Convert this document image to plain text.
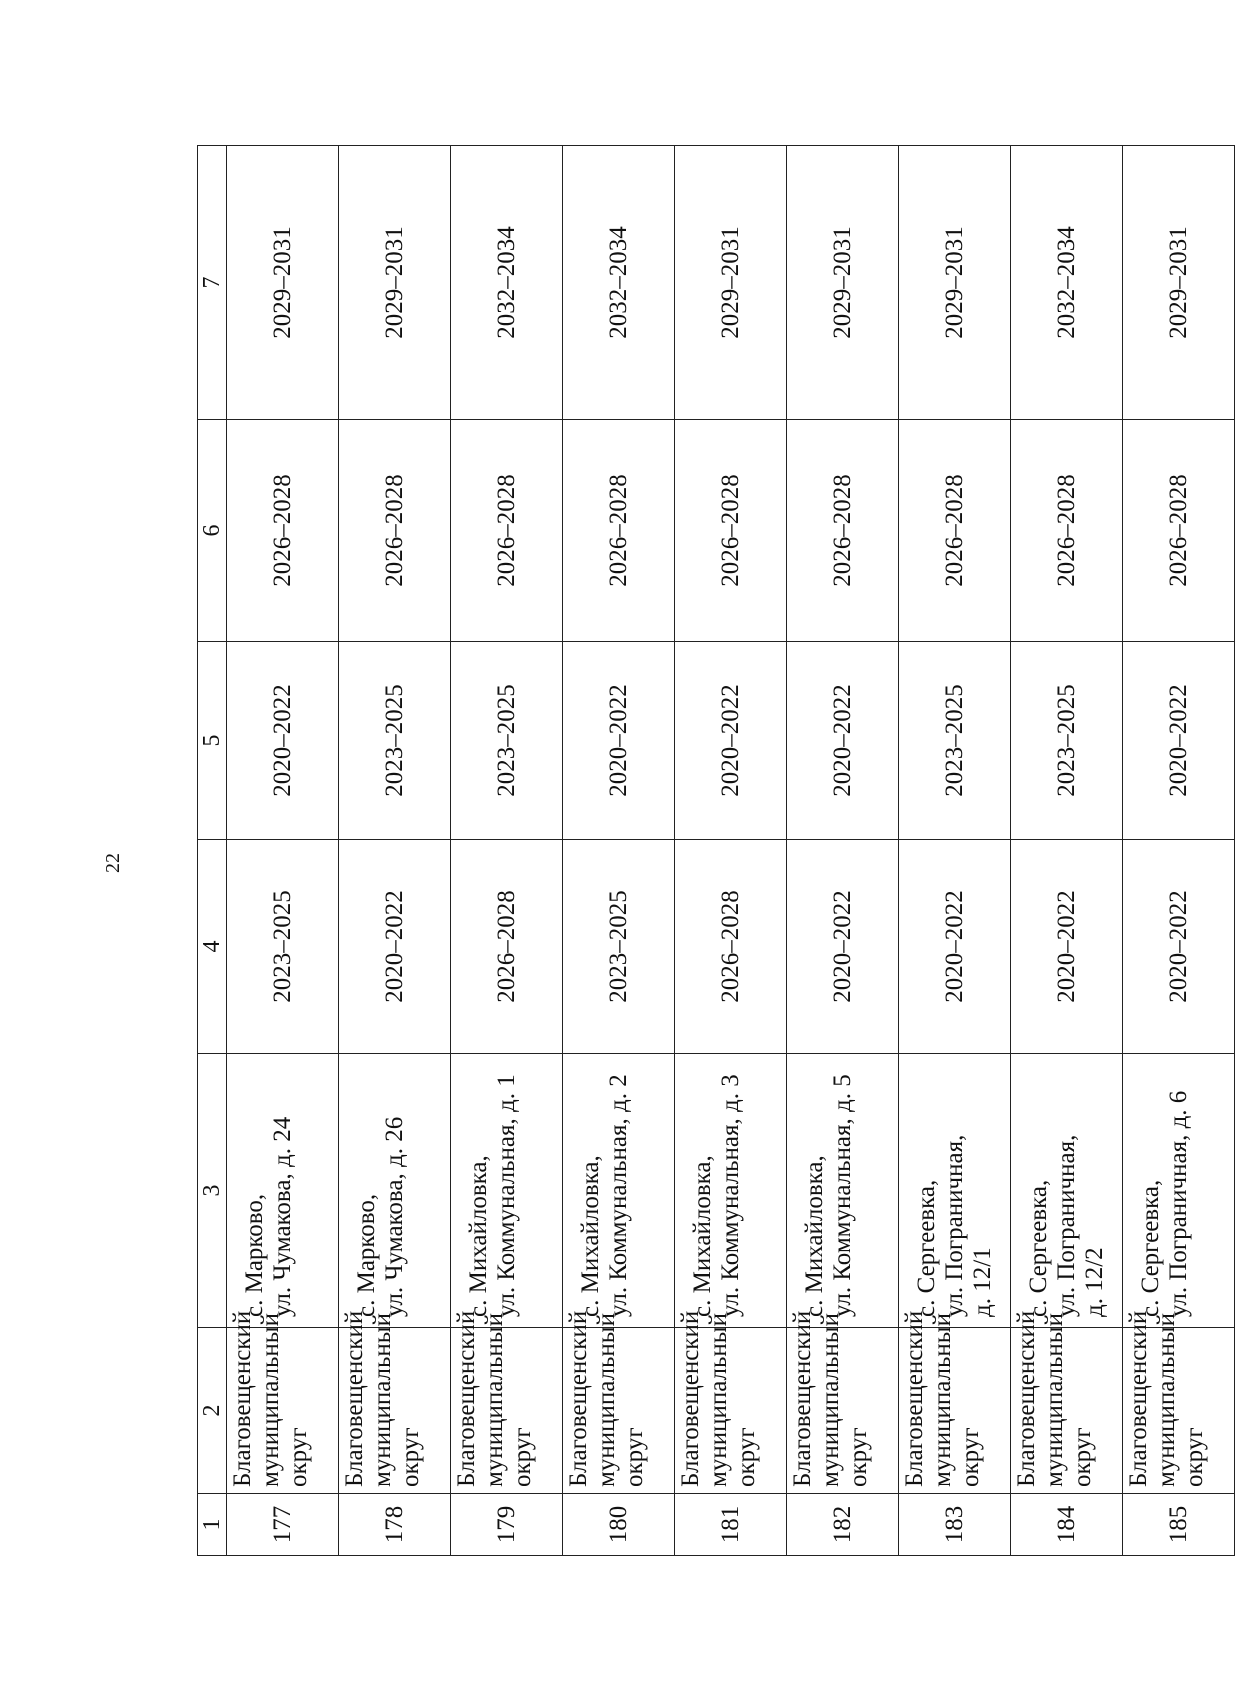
22
1	2	3	4	5	6	7
177	Благовещенский муниципальный округ	с. Марково, ул. Чумакова, д. 24	2023–2025	2020–2022	2026–2028	2029–2031
178	Благовещенский муниципальный округ	с. Марково, ул. Чумакова, д. 26	2020–2022	2023–2025	2026–2028	2029–2031
179	Благовещенский муниципальный округ	с. Михайловка, ул. Коммунальная, д. 1	2026–2028	2023–2025	2026–2028	2032–2034
180	Благовещенский муниципальный округ	с. Михайловка, ул. Коммунальная, д. 2	2023–2025	2020–2022	2026–2028	2032–2034
181	Благовещенский муниципальный округ	с. Михайловка, ул. Коммунальная, д. 3	2026–2028	2020–2022	2026–2028	2029–2031
182	Благовещенский муниципальный округ	с. Михайловка, ул. Коммунальная, д. 5	2020–2022	2020–2022	2026–2028	2029–2031
183	Благовещенский муниципальный округ	с. Сергеевка, ул. Пограничная, д. 12/1	2020–2022	2023–2025	2026–2028	2029–2031
184	Благовещенский муниципальный округ	с. Сергеевка, ул. Пограничная, д. 12/2	2020–2022	2023–2025	2026–2028	2032–2034
185	Благовещенский муниципальный округ	с. Сергеевка, ул. Пограничная, д. 6	2020–2022	2020–2022	2026–2028	2029–2031
